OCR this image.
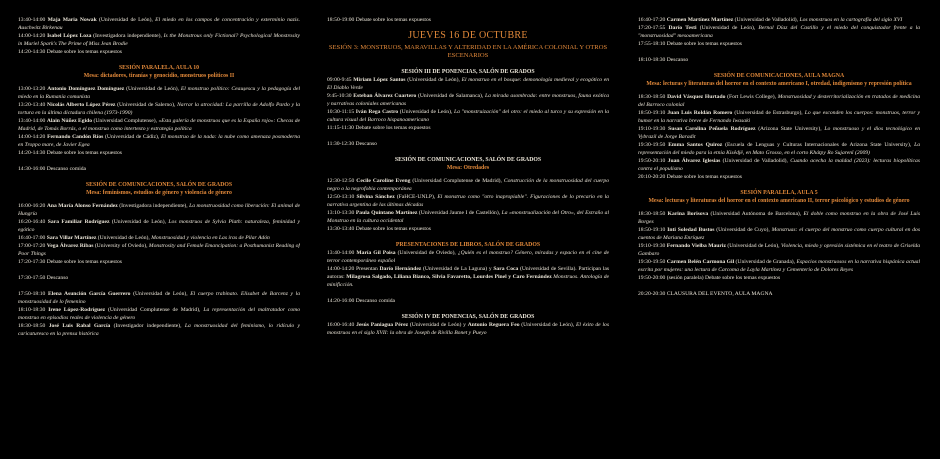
13:40-14:00 Maja Maria Nowak (Universidad de León), El miedo en los campos de concentración y exterminio nazis. Auschwitz Birkenau

14:00-14:20 Isabel López Loza (Investigadora independiente), Is the Monstrous only Fictional? Psychological Monstrosity in Muriel Spark's The Prime of Miss Jean Brodie

14:20-14:30 Debate sobre los temas expuestos

SESIÓN PARALELA, AULA 10

Mesa: dictadores, tiranías y genocidio, monstruos políticos II

13:00-13:20 Antonio Domínguez Domínguez (Universidad de León), El monstruo político: Ceaușescu y la pedagogía del miedo en la Rumanía comunista

13:20-13:40 Nicolás Alberto López Pérez (Universidad de Salerno), Narrar la atrocidad: La parrilla de Adolfo Pardo y la tortura en la última dictadura chilena (1973-1990)

13:40-14:00 Alain Núñez Egido (Universidad Complutense), «Esta galería de monstruos que es la España rojo»: Checas de Madrid, de Tomás Borrás, o el monstruo como intertexto y estrategia política

14:00-14:20 Fernando Candón Ríos (Universidad de Cádiz), El monstruo de la nada: la nube como amenaza posmoderna en Troppo mare, de Javier Egea

14:20-14:30 Debate sobre los temas expuestos

14:30-16:00 Descanso comida

SESIÓN DE COMUNICACIONES, SALÓN DE GRADOS

Mesa: feminismos, estudios de género y violencia de género

16:00-16:20 Ana María Alonso Fernández (Investigadora independiente), La monstruosidad como liberación: El animal de Hungría

16:20-16:40 Sara Familiar Rodríguez (Universidad de León), Los monstruos de Sylvia Plath: naturaleza, feminidad y egótico

16:40-17:00 Sara Villar Martínez (Universidad de León), Monstruosidad y violencia en Las iras de Pilar Adón

17:00-17:20 Vega Álvarez Ribas (University of Oviedo), Monstrosity and Female Emancipation: a Posthumanist Reading of Poor Things

17:20-17:30 Debate sobre los temas expuestos

17:30-17:50 Descanso

17:50-18:10 Elena Asunción García Guerrero (Universidad de León), El cuerpo trabinato. Elisabet de Barcenz y la monstruosidad de lo femenino

18:10-18:30 Irene López-Rodríguez (Universidad Complutense de Madrid), La representación del maltratador como monstruo en episodios reales de violencia de género

18:30-18:50 José Luis Rabal García (Investigador independiente), La monstruosidad del feminismo, lo ridículo y caricaturesco en la prensa histórica

18:50-19:00 Debate sobre los temas expuestos

JUEVES 16 DE OCTUBRE

SESIÓN 3: MONSTRUOS, MARAVILLAS Y ALTERIDAD EN LA AMÉRICA COLONIAL Y OTROS ESCENARIOS

SESIÓN III DE PONENCIAS, SALÓN DE GRADOS

09:00-9:45 Miriam López Santos (Universidad de León), El monstruo en el bosque: demonología medieval y ecogótico en El Diablo Verde

9:45-10:30 Esteban Álvarez Cuartero (Universidad de Salamanca), La mirada asombrada: entre monstruos, fauna exótica y narrativas coloniales americanas

10:30-11:15 Iván Rega Castro (Universidad de León), La "monstruización" del otro: el miedo al turco y su expresión en la cultura visual del Barroco hispanoamericano

11:15-11:30 Debate sobre los temas expuestos

11:30-12:30 Descanso

SESIÓN DE COMUNICACIONES, SALÓN DE GRADOS

Mesa: Otredades

12:30-12:50 Cecile Caroline Eveng (Universidad Complutense de Madrid), Construcción de la monstruosidad del cuerpo negro o la negrofobia contemporánea

12:50-13:10 Silvina Sánchez (FaHCE-UNLP), El monstruo como "otro inapropiable". Figuraciones de lo precario en la narrativa argentina de las últimas décadas

13:10-13:30 Paula Quintano Martínez (Universidad Jaume I de Castellón), La «monstrualización del Otro», del Extraño al Monstruo en la cultura occidental

13:30-13:40 Debate sobre los temas expuestos

PRESENTACIONES DE LIBROS, SALÓN DE GRADOS

13:40-14:00 María Gil Poisa (Universidad de Oviedo), ¿Quién es el monstruo? Género, miradas y espacio en el cine de terror contemporáneo español

14:00-14:20 Presentan Darío Hernández (Universidad de La Laguna) y Sara Coca (Universidad de Sevilla). Participan las autoras: Milagrosa Salgado, Liliana Bianco, Silvia Favaretto, Lourdes Pinel y Caro Fernández Monstruos. Antología de minificción.

14:20-16:00 Descanso comida

SESIÓN IV DE PONENCIAS, SALÓN DE GRADOS

16:00-16:40 Jesús Paniagua Pérez (Universidad de León) y Antonio Reguera Feo (Universidad de León), El éxito de los monstruos en el siglo XVII: la obra de Joseph de Rivilla Bonet y Pueyo

16:40-17:20 Carmen Martínez Martínez (Universidad de Valladolid), Los monstruos en la cartografía del siglo XVI

17:20-17:55 Darío Testi (Universidad de León), Bernal Díaz del Castillo y el miedo del conquistador frente a la "monstruosidad" mesoamericana

17:55-18:10 Debate sobre los temas expuestos

18:10-18:30 Descanso

SESIÓN DE COMUNICACIONES, AULA MAGNA

Mesa: lecturas y literaturas del horror en el contexto americano I, otredad, indigenismo y represión política

18:30-18:50 David Vásquez Hurtado (Fort Lewis College), Monstruosidad y desterritorialización en tratados de medicina del Barroco colonial

18:50-19:10 Juan Luis Roldán Romero (Universidad de Estrasburgo), Lo que esconden los cuerpos: monstruos, terror y humor en la narrativa breve de Fernando Iwasaki

19:10-19:30 Susan Carolina Peñuela Rodríguez (Arizona State University), Lo monstruoso y el dios tecnológico en Vybrazil de Jorge Baradit

19:30-19:50 Emma Santos Quiroz (Escuela de Lenguas y Culturas Internacionales de Arizona State University), La representación del miedo para la etnia Kisêdjê, en Mato Grosso, en el corto Khátpy Ro Sujarenî (2009)

19:50-20:10 Juan Álvarez Iglesias (Universidad de Valladolid), Cuando acecha la maldad (2023): lecturas biopolíticas contra el populismo

20:10-20:20 Debate sobre los temas expuestos

SESIÓN PARALELA, AULA 5

Mesa: lecturas y literaturas del horror en el contexto americano II, terror psicológico y estudios de género

18:30-18:50 Karina Borisova (Universidad Autónoma de Barcelona), El doble como monstruo en la obra de José Luis Borges

18:50-19:10 Inti Soledad Bustos (Universidad de Cuyo), Monstruas: el cuerpo del monstruo como cuerpo cultural en dos cuentos de Mariana Enríquez

19:10-19:30 Fernando Vielba Mauriz (Universidad de León), Violencia, miedo y opresión sistémica en el teatro de Griselda Gambaro

19:30-19:50 Carmen Belén Carmona Gil (Universidad de Granada), Espacios monstruosos en la narrativa hispánica actual escrita por mujeres: una lectura de Carcoma de Layla Martínez y Cementerio de Dolores Reyes

19:50-20:00 (sesión paralela) Debate sobre los temas expuestos

20:20-20:30 CLAUSURA DEL EVENTO, AULA MAGNA
